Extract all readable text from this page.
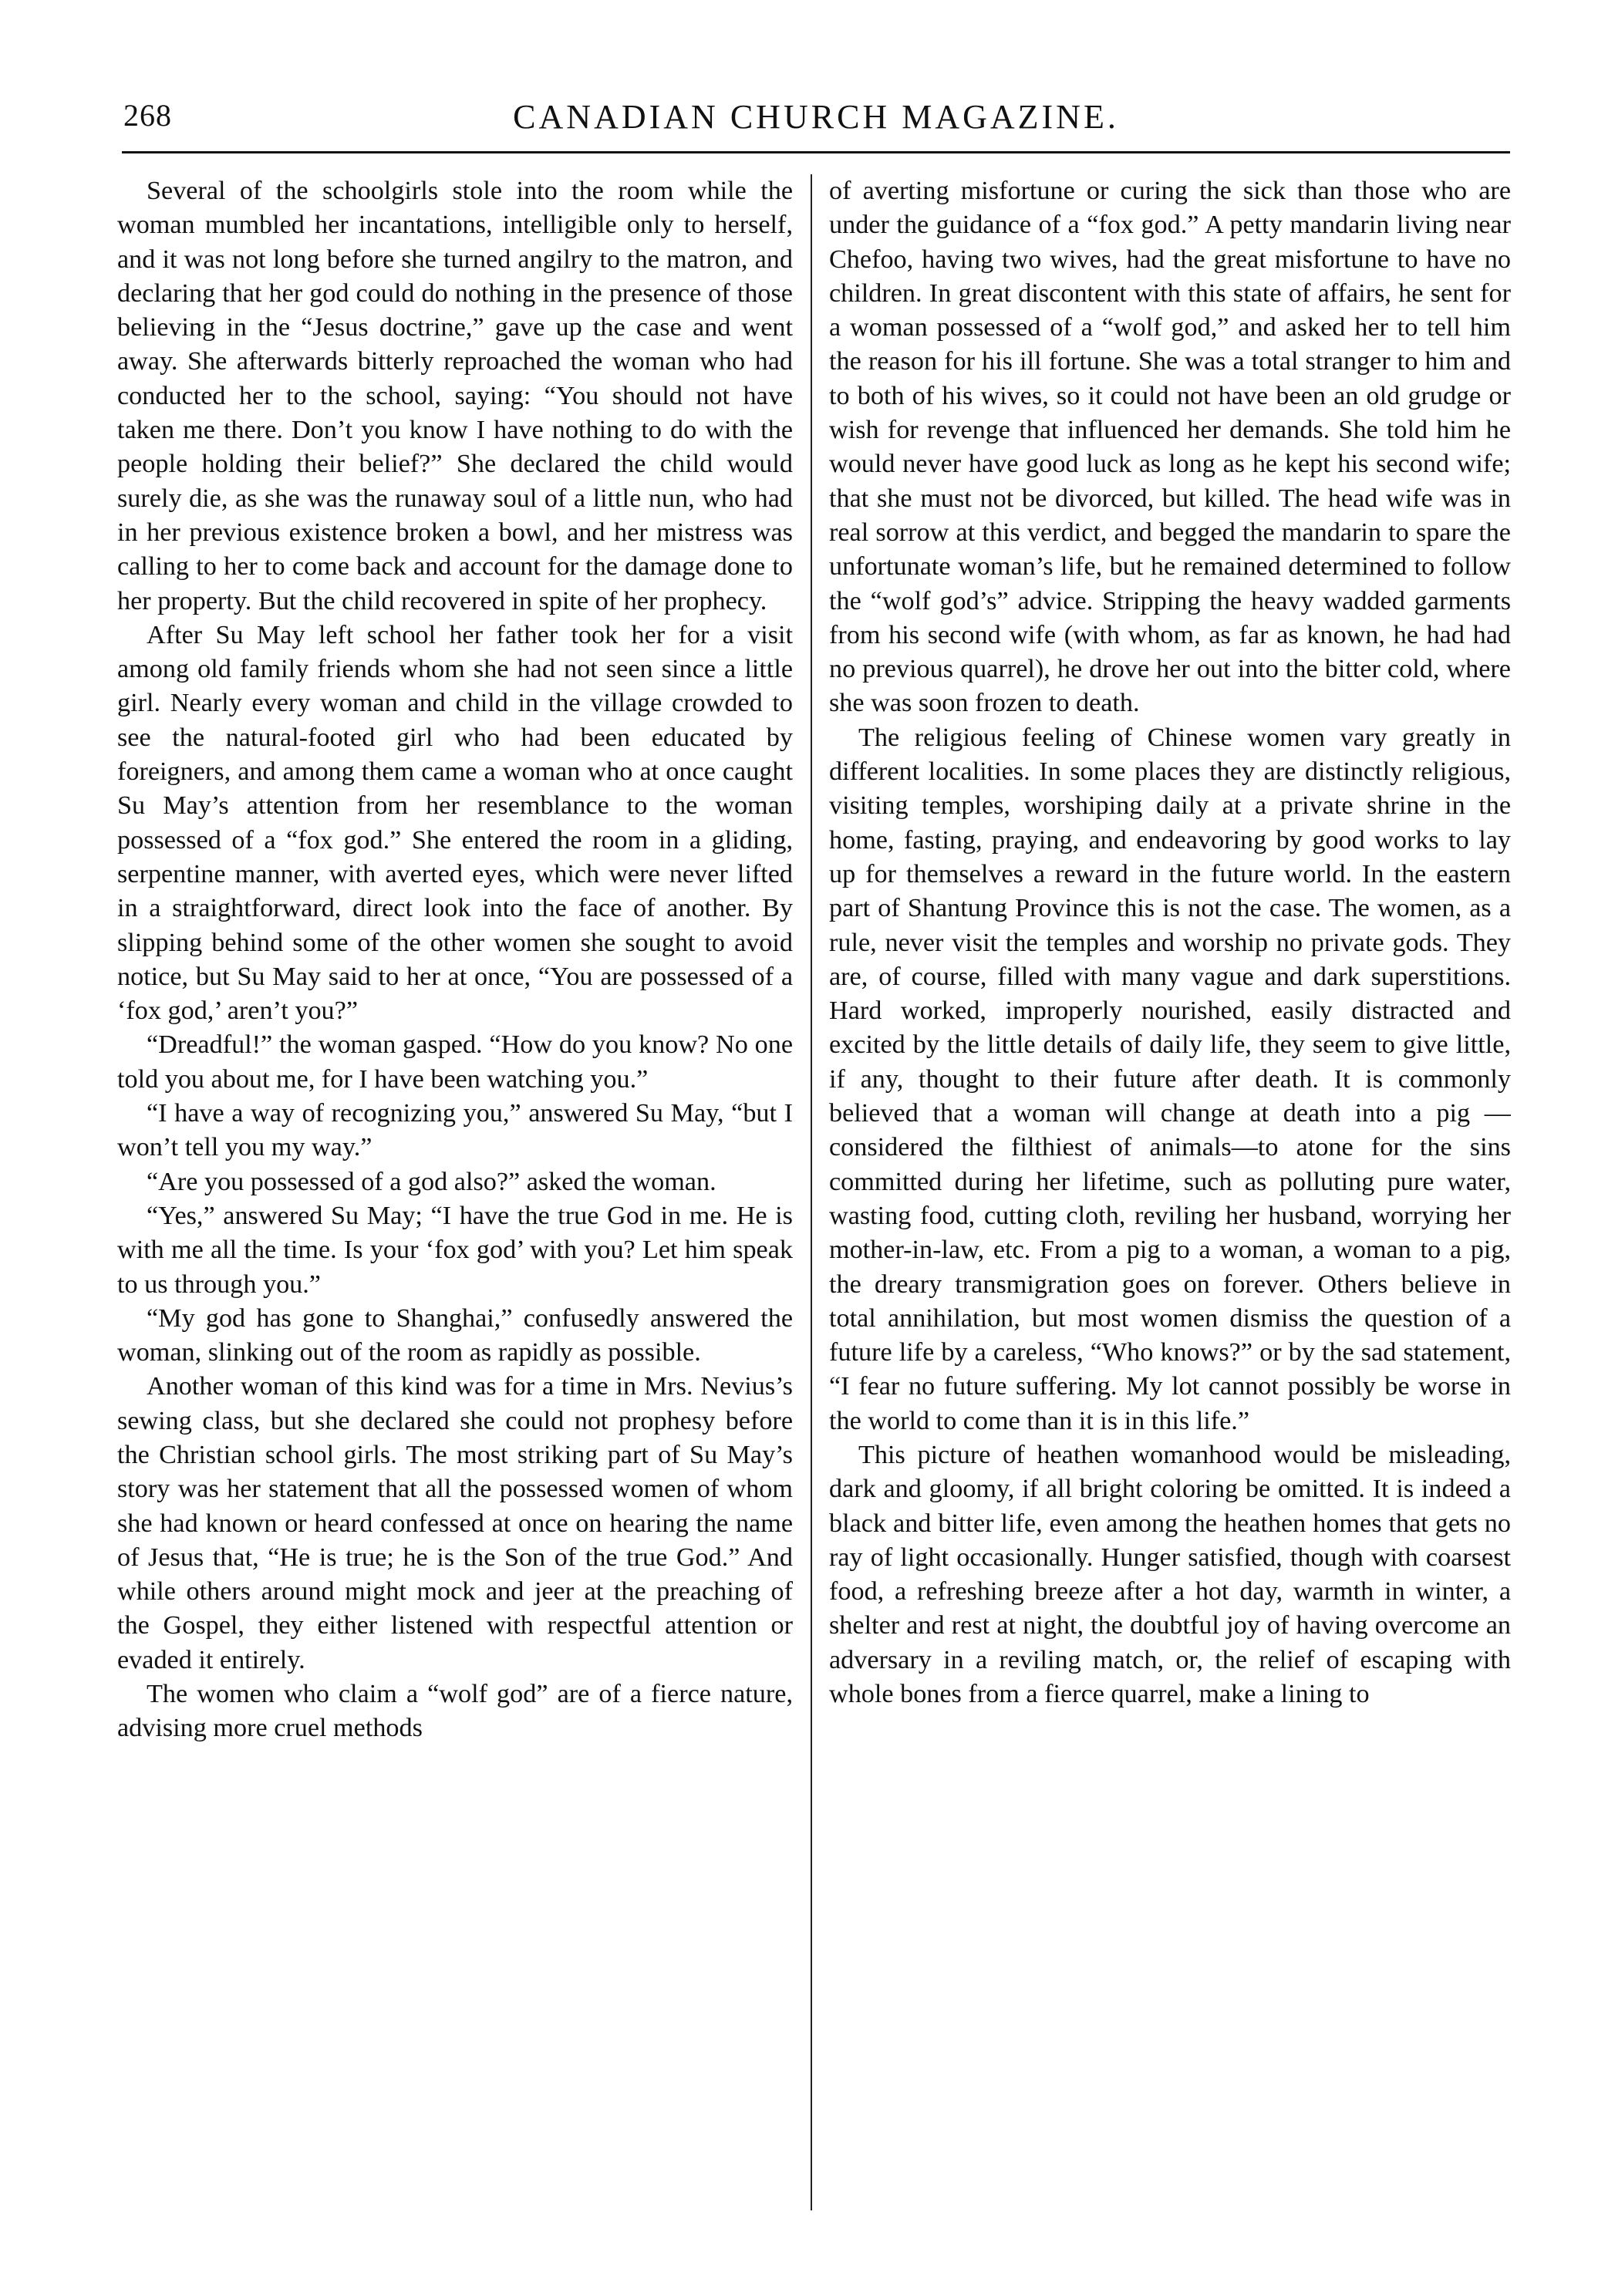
268	CANADIAN CHURCH MAGAZINE.

Several of the schoolgirls stole into the room while the woman mumbled her incantations, intelligible only to herself, and it was not long before she turned angilry to the matron, and declaring that her god could do nothing in the presence of those believing in the “Jesus doctrine,” gave up the case and went away. She afterwards bitterly reproached the woman who had conducted her to the school, saying: “You should not have taken me there. Don’t you know I have nothing to do with the people holding their belief?” She declared the child would surely die, as she was the runaway soul of a little nun, who had in her previous existence broken a bowl, and her mistress was calling to her to come back and account for the damage done to her property. But the child recovered in spite of her prophecy.

After Su May left school her father took her for a visit among old family friends whom she had not seen since a little girl. Nearly every woman and child in the village crowded to see the natural-footed girl who had been educated by foreigners, and among them came a woman who at once caught Su May’s attention from her resemblance to the woman possessed of a “fox god.” She entered the room in a gliding, serpentine manner, with averted eyes, which were never lifted in a straightforward, direct look into the face of another. By slipping behind some of the other women she sought to avoid notice, but Su May said to her at once, “You are possessed of a ‘fox god,’ aren’t you?”

“Dreadful!” the woman gasped. “How do you know? No one told you about me, for I have been watching you.”

“I have a way of recognizing you,” answered Su May, “but I won’t tell you my way.”

“Are you possessed of a god also?” asked the woman.

“Yes,” answered Su May; “I have the true God in me. He is with me all the time. Is your ‘fox god’ with you? Let him speak to us through you.”

“My god has gone to Shanghai,” confusedly answered the woman, slinking out of the room as rapidly as possible.

Another woman of this kind was for a time in Mrs. Nevius’s sewing class, but she declared she could not prophesy before the Christian school girls. The most striking part of Su May’s story was her statement that all the possessed women of whom she had known or heard confessed at once on hearing the name of Jesus that, “He is true; he is the Son of the true God.” And while others around might mock and jeer at the preaching of the Gospel, they either listened with respectful attention or evaded it entirely.

The women who claim a “wolf god” are of a fierce nature, advising more cruel methods

of averting misfortune or curing the sick than those who are under the guidance of a “fox god.” A petty mandarin living near Chefoo, having two wives, had the great misfortune to have no children. In great discontent with this state of affairs, he sent for a woman possessed of a “wolf god,” and asked her to tell him the reason for his ill fortune. She was a total stranger to him and to both of his wives, so it could not have been an old grudge or wish for revenge that influenced her demands. She told him he would never have good luck as long as he kept his second wife; that she must not be divorced, but killed. The head wife was in real sorrow at this verdict, and begged the mandarin to spare the unfortunate woman’s life, but he remained determined to follow the “wolf god’s” advice. Stripping the heavy wadded garments from his second wife (with whom, as far as known, he had had no previous quarrel), he drove her out into the bitter cold, where she was soon frozen to death.

The religious feeling of Chinese women vary greatly in different localities. In some places they are distinctly religious, visiting temples, worshiping daily at a private shrine in the home, fasting, praying, and endeavoring by good works to lay up for themselves a reward in the future world. In the eastern part of Shantung Province this is not the case. The women, as a rule, never visit the temples and worship no private gods. They are, of course, filled with many vague and dark superstitions. Hard worked, improperly nourished, easily distracted and excited by the little details of daily life, they seem to give little, if any, thought to their future after death. It is commonly believed that a woman will change at death into a pig — considered the filthiest of animals—to atone for the sins committed during her lifetime, such as polluting pure water, wasting food, cutting cloth, reviling her husband, worrying her mother-in-law, etc. From a pig to a woman, a woman to a pig, the dreary transmigration goes on forever. Others believe in total annihilation, but most women dismiss the question of a future life by a careless, “Who knows?” or by the sad statement, “I fear no future suffering. My lot cannot possibly be worse in the world to come than it is in this life.”

This picture of heathen womanhood would be misleading, dark and gloomy, if all bright coloring be omitted. It is indeed a black and bitter life, even among the heathen homes that gets no ray of light occasionally. Hunger satisfied, though with coarsest food, a refreshing breeze after a hot day, warmth in winter, a shelter and rest at night, the doubtful joy of having overcome an adversary in a reviling match, or, the relief of escaping with whole bones from a fierce quarrel, make a lining to
